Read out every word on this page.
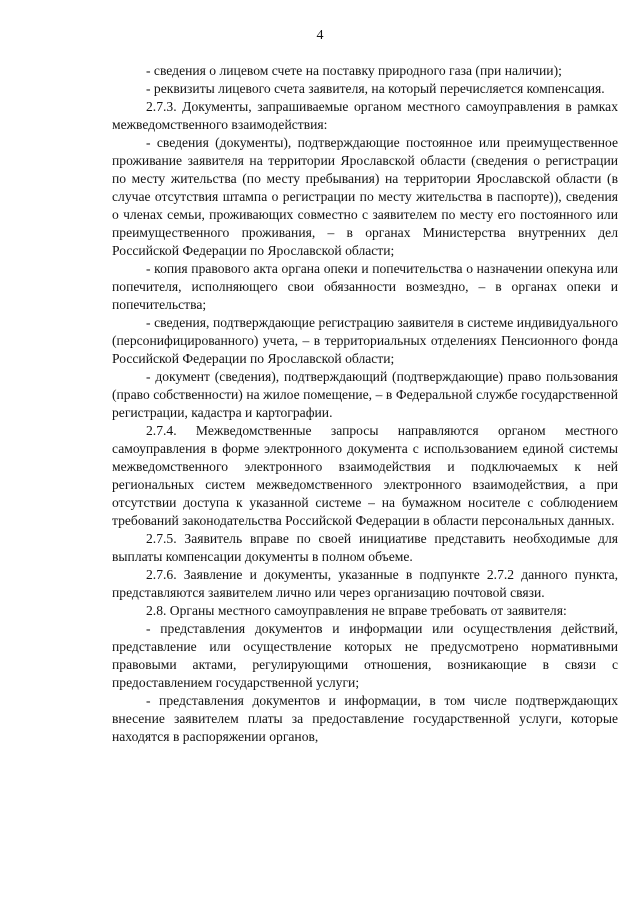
4

- сведения о лицевом счете на поставку природного газа (при наличии);

- реквизиты лицевого счета заявителя, на который перечисляется компенсация.

2.7.3. Документы, запрашиваемые органом местного самоуправления в рамках межведомственного взаимодействия:

- сведения (документы), подтверждающие постоянное или преимущественное проживание заявителя на территории Ярославской области (сведения о регистрации по месту жительства (по месту пребывания) на территории Ярославской области (в случае отсутствия штампа о регистрации по месту жительства в паспорте)), сведения о членах семьи, проживающих совместно с заявителем по месту его постоянного или преимущественного проживания, – в органах Министерства внутренних дел Российской Федерации по Ярославской области;

- копия правового акта органа опеки и попечительства о назначении опекуна или попечителя, исполняющего свои обязанности возмездно, – в органах опеки и попечительства;

- сведения, подтверждающие регистрацию заявителя в системе индивидуального (персонифицированного) учета, – в территориальных отделениях Пенсионного фонда Российской Федерации по Ярославской области;

- документ (сведения), подтверждающий (подтверждающие) право пользования (право собственности) на жилое помещение, – в Федеральной службе государственной регистрации, кадастра и картографии.

2.7.4. Межведомственные запросы направляются органом местного самоуправления в форме электронного документа с использованием единой системы межведомственного электронного взаимодействия и подключаемых к ней региональных систем межведомственного электронного взаимодействия, а при отсутствии доступа к указанной системе – на бумажном носителе с соблюдением требований законодательства Российской Федерации в области персональных данных.

2.7.5. Заявитель вправе по своей инициативе представить необходимые для выплаты компенсации документы в полном объеме.

2.7.6. Заявление и документы, указанные в подпункте 2.7.2 данного пункта, представляются заявителем лично или через организацию почтовой связи.

2.8. Органы местного самоуправления не вправе требовать от заявителя:

- представления документов и информации или осуществления действий, представление или осуществление которых не предусмотрено нормативными правовыми актами, регулирующими отношения, возникающие в связи с предоставлением государственной услуги;

- представления документов и информации, в том числе подтверждающих внесение заявителем платы за предоставление государственной услуги, которые находятся в распоряжении органов,
